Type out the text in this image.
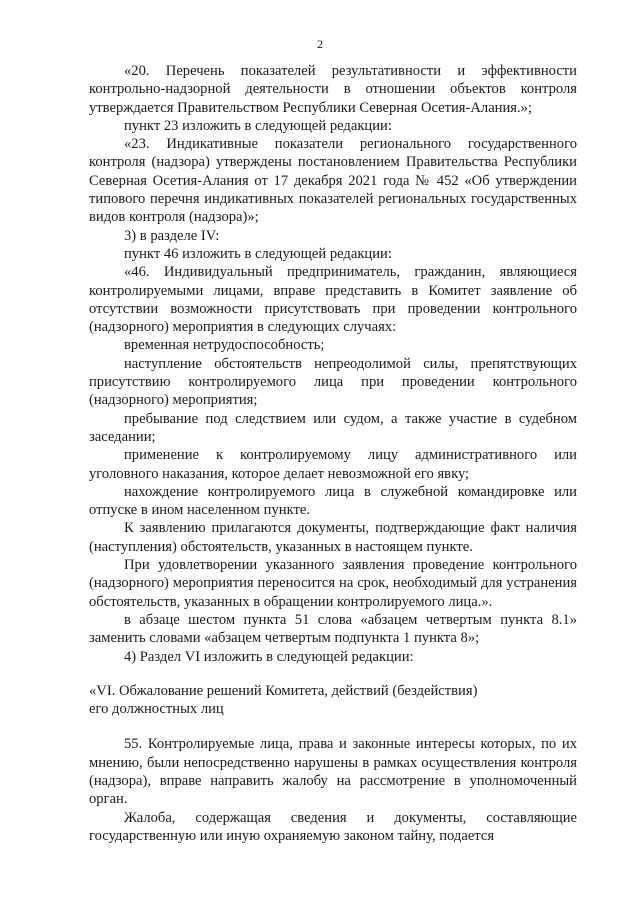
2

«20. Перечень показателей результативности и эффективности контрольно-надзорной деятельности в отношении объектов контроля утверждается Правительством Республики Северная Осетия-Алания.»;

пункт 23 изложить в следующей редакции:

«23. Индикативные показатели регионального государственного контроля (надзора) утверждены постановлением Правительства Республики Северная Осетия-Алания от 17 декабря 2021 года № 452 «Об утверждении типового перечня индикативных показателей региональных государственных видов контроля (надзора)»;

3) в разделе IV:

пункт 46 изложить в следующей редакции:

«46. Индивидуальный предприниматель, гражданин, являющиеся контролируемыми лицами, вправе представить в Комитет заявление об отсутствии возможности присутствовать при проведении контрольного (надзорного) мероприятия в следующих случаях:

временная нетрудоспособность;

наступление обстоятельств непреодолимой силы, препятствующих присутствию контролируемого лица при проведении контрольного (надзорного) мероприятия;

пребывание под следствием или судом, а также участие в судебном заседании;

применение к контролируемому лицу административного или уголовного наказания, которое делает невозможной его явку;

нахождение контролируемого лица в служебной командировке или отпуске в ином населенном пункте.

К заявлению прилагаются документы, подтверждающие факт наличия (наступления) обстоятельств, указанных в настоящем пункте.

При удовлетворении указанного заявления проведение контрольного (надзорного) мероприятия переносится на срок, необходимый для устранения обстоятельств, указанных в обращении контролируемого лица.».

в абзаце шестом пункта 51 слова «абзацем четвертым пункта 8.1» заменить словами «абзацем четвертым подпункта 1 пункта 8»;

4) Раздел VI изложить в следующей редакции:

«VI. Обжалование решений Комитета, действий (бездействия)
его должностных лиц

55. Контролируемые лица, права и законные интересы которых, по их мнению, были непосредственно нарушены в рамках осуществления контроля (надзора), вправе направить жалобу на рассмотрение в уполномоченный орган.

Жалоба, содержащая сведения и документы, составляющие государственную или иную охраняемую законом тайну, подается
